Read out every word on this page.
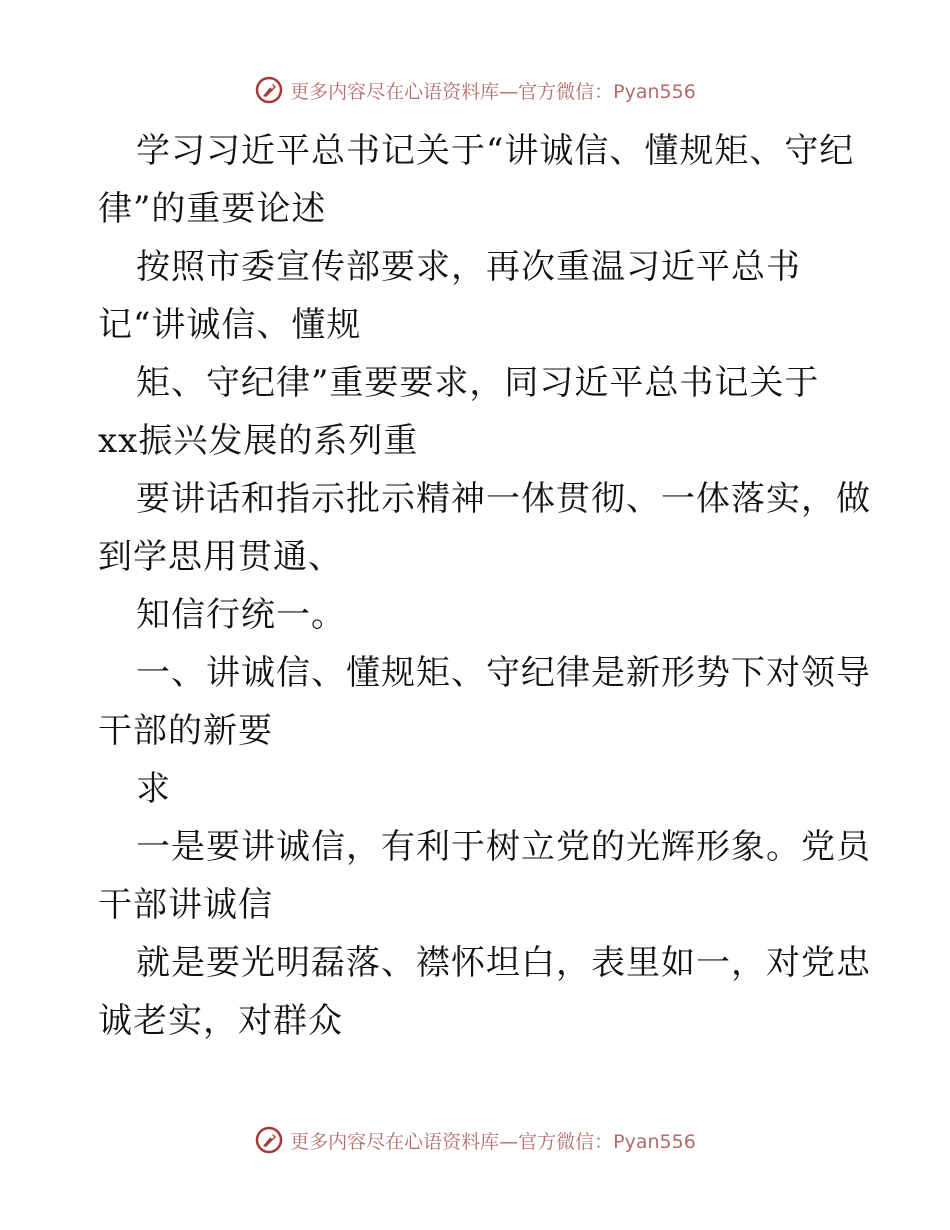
更多内容尽在心语资料库—官方微信：Pyan556
学习习近平总书记关于“讲诚信、懂规矩、守纪
律”的重要论述
按照市委宣传部要求，再次重温习近平总书
记“讲诚信、懂规
矩、守纪律”重要要求，同习近平总书记关于
xx振兴发展的系列重
要讲话和指示批示精神一体贯彻、一体落实，做
到学思用贯通、
知信行统一。
一、讲诚信、懂规矩、守纪律是新形势下对领导
干部的新要
求
一是要讲诚信，有利于树立党的光辉形象。党员
干部讲诚信
就是要光明磊落、襟怀坦白，表里如一，对党忠
诚老实，对群众
更多内容尽在心语资料库—官方微信：Pyan556
